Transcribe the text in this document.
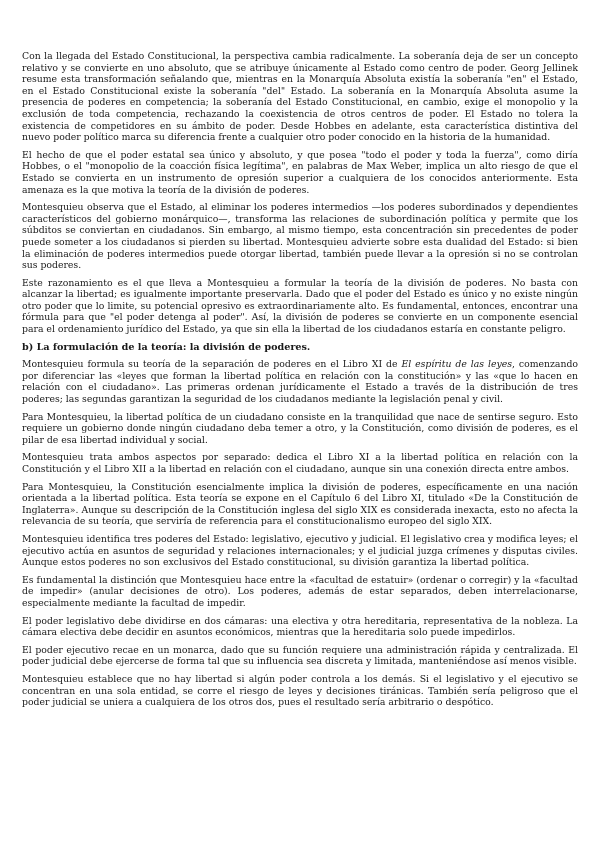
Con la llegada del Estado Constitucional, la perspectiva cambia radicalmente. La soberanía deja de ser un concepto relativo y se convierte en uno absoluto, que se atribuye únicamente al Estado como centro de poder. Georg Jellinek resume esta transformación señalando que, mientras en la Monarquía Absoluta existía la soberanía "en" el Estado, en el Estado Constitucional existe la soberanía "del" Estado. La soberanía en la Monarquía Absoluta asume la presencia de poderes en competencia; la soberanía del Estado Constitucional, en cambio, exige el monopolio y la exclusión de toda competencia, rechazando la coexistencia de otros centros de poder. El Estado no tolera la existencia de competidores en su ámbito de poder. Desde Hobbes en adelante, esta característica distintiva del nuevo poder político marca su diferencia frente a cualquier otro poder conocido en la historia de la humanidad.

El hecho de que el poder estatal sea único y absoluto, y que posea "todo el poder y toda la fuerza", como diría Hobbes, o el "monopolio de la coacción física legítima", en palabras de Max Weber, implica un alto riesgo de que el Estado se convierta en un instrumento de opresión superior a cualquiera de los conocidos anteriormente. Esta amenaza es la que motiva la teoría de la división de poderes.

Montesquieu observa que el Estado, al eliminar los poderes intermedios —los poderes subordinados y dependientes característicos del gobierno monárquico—, transforma las relaciones de subordinación política y permite que los súbditos se conviertan en ciudadanos. Sin embargo, al mismo tiempo, esta concentración sin precedentes de poder puede someter a los ciudadanos si pierden su libertad. Montesquieu advierte sobre esta dualidad del Estado: si bien la eliminación de poderes intermedios puede otorgar libertad, también puede llevar a la opresión si no se controlan sus poderes.

Este razonamiento es el que lleva a Montesquieu a formular la teoría de la división de poderes. No basta con alcanzar la libertad; es igualmente importante preservarla. Dado que el poder del Estado es único y no existe ningún otro poder que lo limite, su potencial opresivo es extraordinariamente alto. Es fundamental, entonces, encontrar una fórmula para que "el poder detenga al poder". Así, la división de poderes se convierte en un componente esencial para el ordenamiento jurídico del Estado, ya que sin ella la libertad de los ciudadanos estaría en constante peligro.

b) La formulación de la teoría: la división de poderes.

Montesquieu formula su teoría de la separación de poderes en el Libro XI de El espíritu de las leyes, comenzando por diferenciar las «leyes que forman la libertad política en relación con la constitución» y las «que lo hacen en relación con el ciudadano». Las primeras ordenan jurídicamente el Estado a través de la distribución de tres poderes; las segundas garantizan la seguridad de los ciudadanos mediante la legislación penal y civil.

Para Montesquieu, la libertad política de un ciudadano consiste en la tranquilidad que nace de sentirse seguro. Esto requiere un gobierno donde ningún ciudadano deba temer a otro, y la Constitución, como división de poderes, es el pilar de esa libertad individual y social.

Montesquieu trata ambos aspectos por separado: dedica el Libro XI a la libertad política en relación con la Constitución y el Libro XII a la libertad en relación con el ciudadano, aunque sin una conexión directa entre ambos.

Para Montesquieu, la Constitución esencialmente implica la división de poderes, específicamente en una nación orientada a la libertad política. Esta teoría se expone en el Capítulo 6 del Libro XI, titulado «De la Constitución de Inglaterra». Aunque su descripción de la Constitución inglesa del siglo XIX es considerada inexacta, esto no afecta la relevancia de su teoría, que serviría de referencia para el constitucionalismo europeo del siglo XIX.

Montesquieu identifica tres poderes del Estado: legislativo, ejecutivo y judicial. El legislativo crea y modifica leyes; el ejecutivo actúa en asuntos de seguridad y relaciones internacionales; y el judicial juzga crímenes y disputas civiles. Aunque estos poderes no son exclusivos del Estado constitucional, su división garantiza la libertad política.

Es fundamental la distinción que Montesquieu hace entre la «facultad de estatuir» (ordenar o corregir) y la «facultad de impedir» (anular decisiones de otro). Los poderes, además de estar separados, deben interrelacionarse, especialmente mediante la facultad de impedir.

El poder legislativo debe dividirse en dos cámaras: una electiva y otra hereditaria, representativa de la nobleza. La cámara electiva debe decidir en asuntos económicos, mientras que la hereditaria solo puede impedirlos.

El poder ejecutivo recae en un monarca, dado que su función requiere una administración rápida y centralizada. El poder judicial debe ejercerse de forma tal que su influencia sea discreta y limitada, manteniéndose así menos visible.

Montesquieu establece que no hay libertad si algún poder controla a los demás. Si el legislativo y el ejecutivo se concentran en una sola entidad, se corre el riesgo de leyes y decisiones tiránicas. También sería peligroso que el poder judicial se uniera a cualquiera de los otros dos, pues el resultado sería arbitrario o despótico.
